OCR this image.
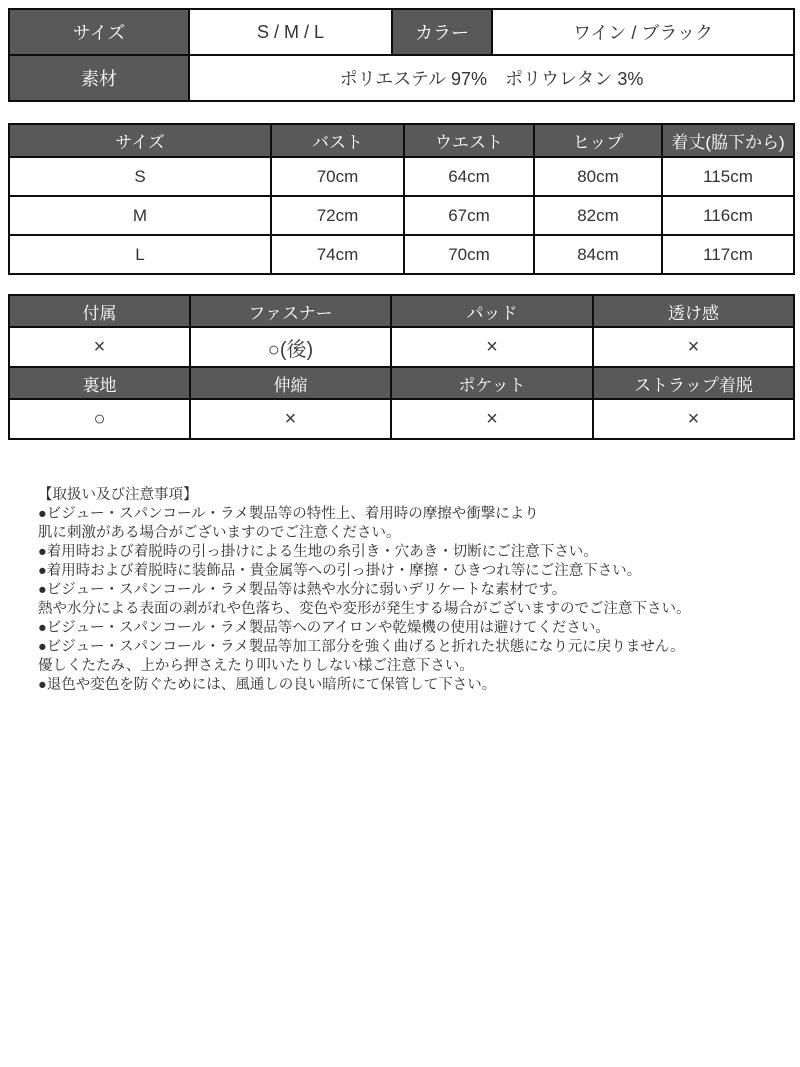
サイズ	S / M / L	カラー	ワイン / ブラック
素材	ポリエステル 97%　ポリウレタン 3%		
サイズ	バスト	ウエスト	ヒップ	着丈(脇下から)
S	70cm	64cm	80cm	115cm
M	72cm	67cm	82cm	116cm
L	74cm	70cm	84cm	117cm
付属	ファスナー	パッド	透け感
×	○(後)	×	×
裏地	伸縮	ポケット	ストラップ着脱
○	×	×	×
【取扱い及び注意事項】
●ビジュー・スパンコール・ラメ製品等の特性上、着用時の摩擦や衝撃により
肌に刺激がある場合がございますのでご注意ください。
●着用時および着脱時の引っ掛けによる生地の糸引き・穴あき・切断にご注意下さい。
●着用時および着脱時に装飾品・貴金属等への引っ掛け・摩擦・ひきつれ等にご注意下さい。
●ビジュー・スパンコール・ラメ製品等は熱や水分に弱いデリケートな素材です。
熱や水分による表面の剥がれや色落ち、変色や変形が発生する場合がございますのでご注意下さい。
●ビジュー・スパンコール・ラメ製品等へのアイロンや乾燥機の使用は避けてください。
●ビジュー・スパンコール・ラメ製品等加工部分を強く曲げると折れた状態になり元に戻りません。
優しくたたみ、上から押さえたり叩いたりしない様ご注意下さい。
●退色や変色を防ぐためには、風通しの良い暗所にて保管して下さい。
